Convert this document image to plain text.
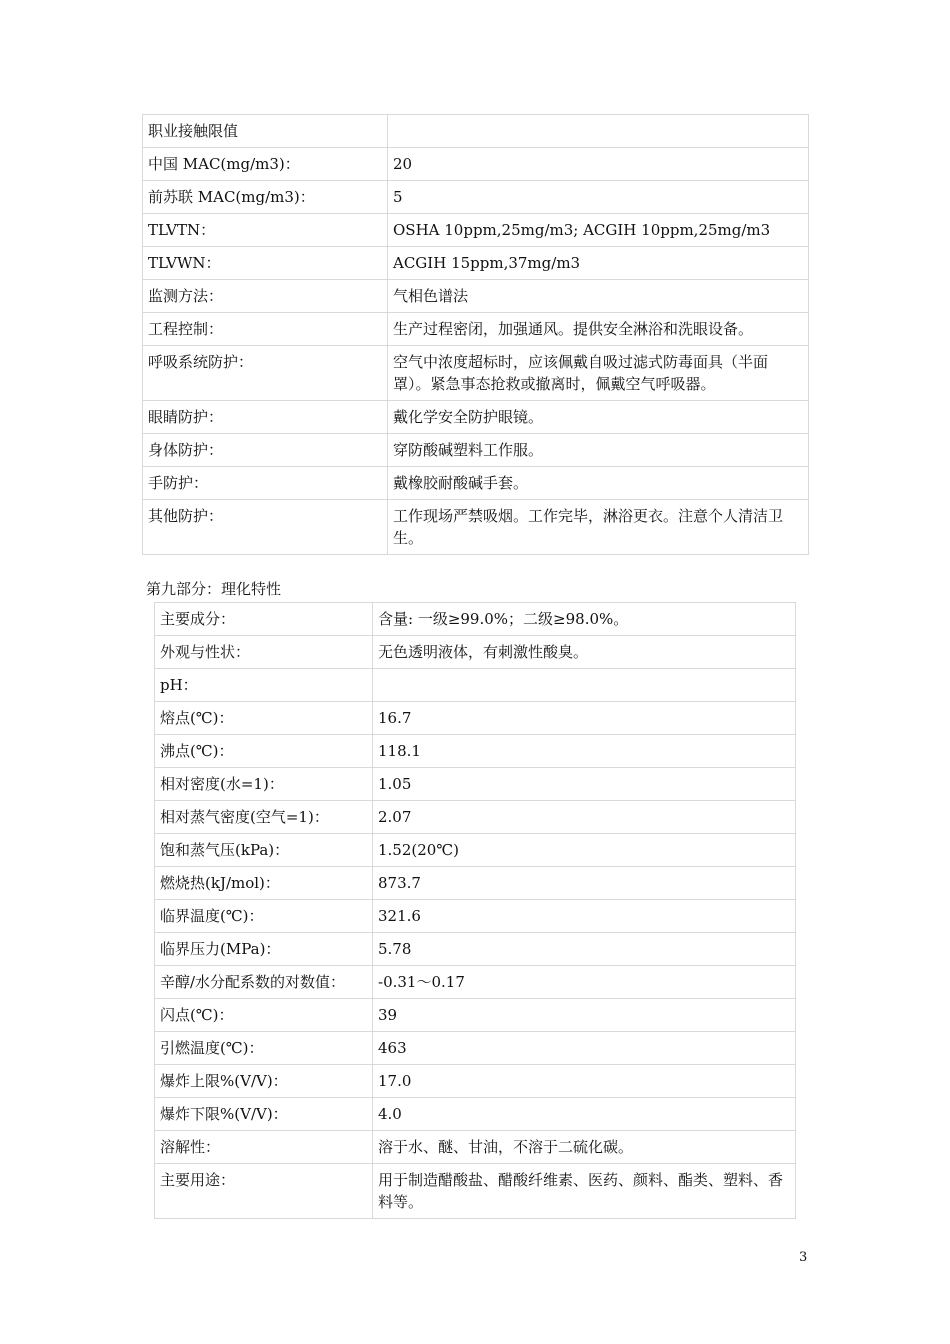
职业接触限值	
中国 MAC(mg/m3)：	20
前苏联 MAC(mg/m3)：	5
TLVTN：	OSHA 10ppm,25mg/m3; ACGIH 10ppm,25mg/m3
TLVWN：	ACGIH 15ppm,37mg/m3
监测方法：	气相色谱法
工程控制：	生产过程密闭，加强通风。提供安全淋浴和洗眼设备。
呼吸系统防护：	空气中浓度超标时，应该佩戴自吸过滤式防毒面具（半面罩）。紧急事态抢救或撤离时，佩戴空气呼吸器。
眼睛防护：	戴化学安全防护眼镜。
身体防护：	穿防酸碱塑料工作服。
手防护：	戴橡胶耐酸碱手套。
其他防护：	工作现场严禁吸烟。工作完毕，淋浴更衣。注意个人清洁卫生。
第九部分：理化特性
主要成分：	含量: 一级≥99.0%；二级≥98.0%。
外观与性状：	无色透明液体，有刺激性酸臭。
pH：	
熔点(℃)：	16.7
沸点(℃)：	118.1
相对密度(水=1)：	1.05
相对蒸气密度(空气=1)：	2.07
饱和蒸气压(kPa)：	1.52(20℃)
燃烧热(kJ/mol)：	873.7
临界温度(℃)：	321.6
临界压力(MPa)：	5.78
辛醇/水分配系数的对数值：	-0.31～0.17
闪点(℃)：	39
引燃温度(℃)：	463
爆炸上限%(V/V)：	17.0
爆炸下限%(V/V)：	4.0
溶解性：	溶于水、醚、甘油，不溶于二硫化碳。
主要用途：	用于制造醋酸盐、醋酸纤维素、医药、颜料、酯类、塑料、香料等。
3
